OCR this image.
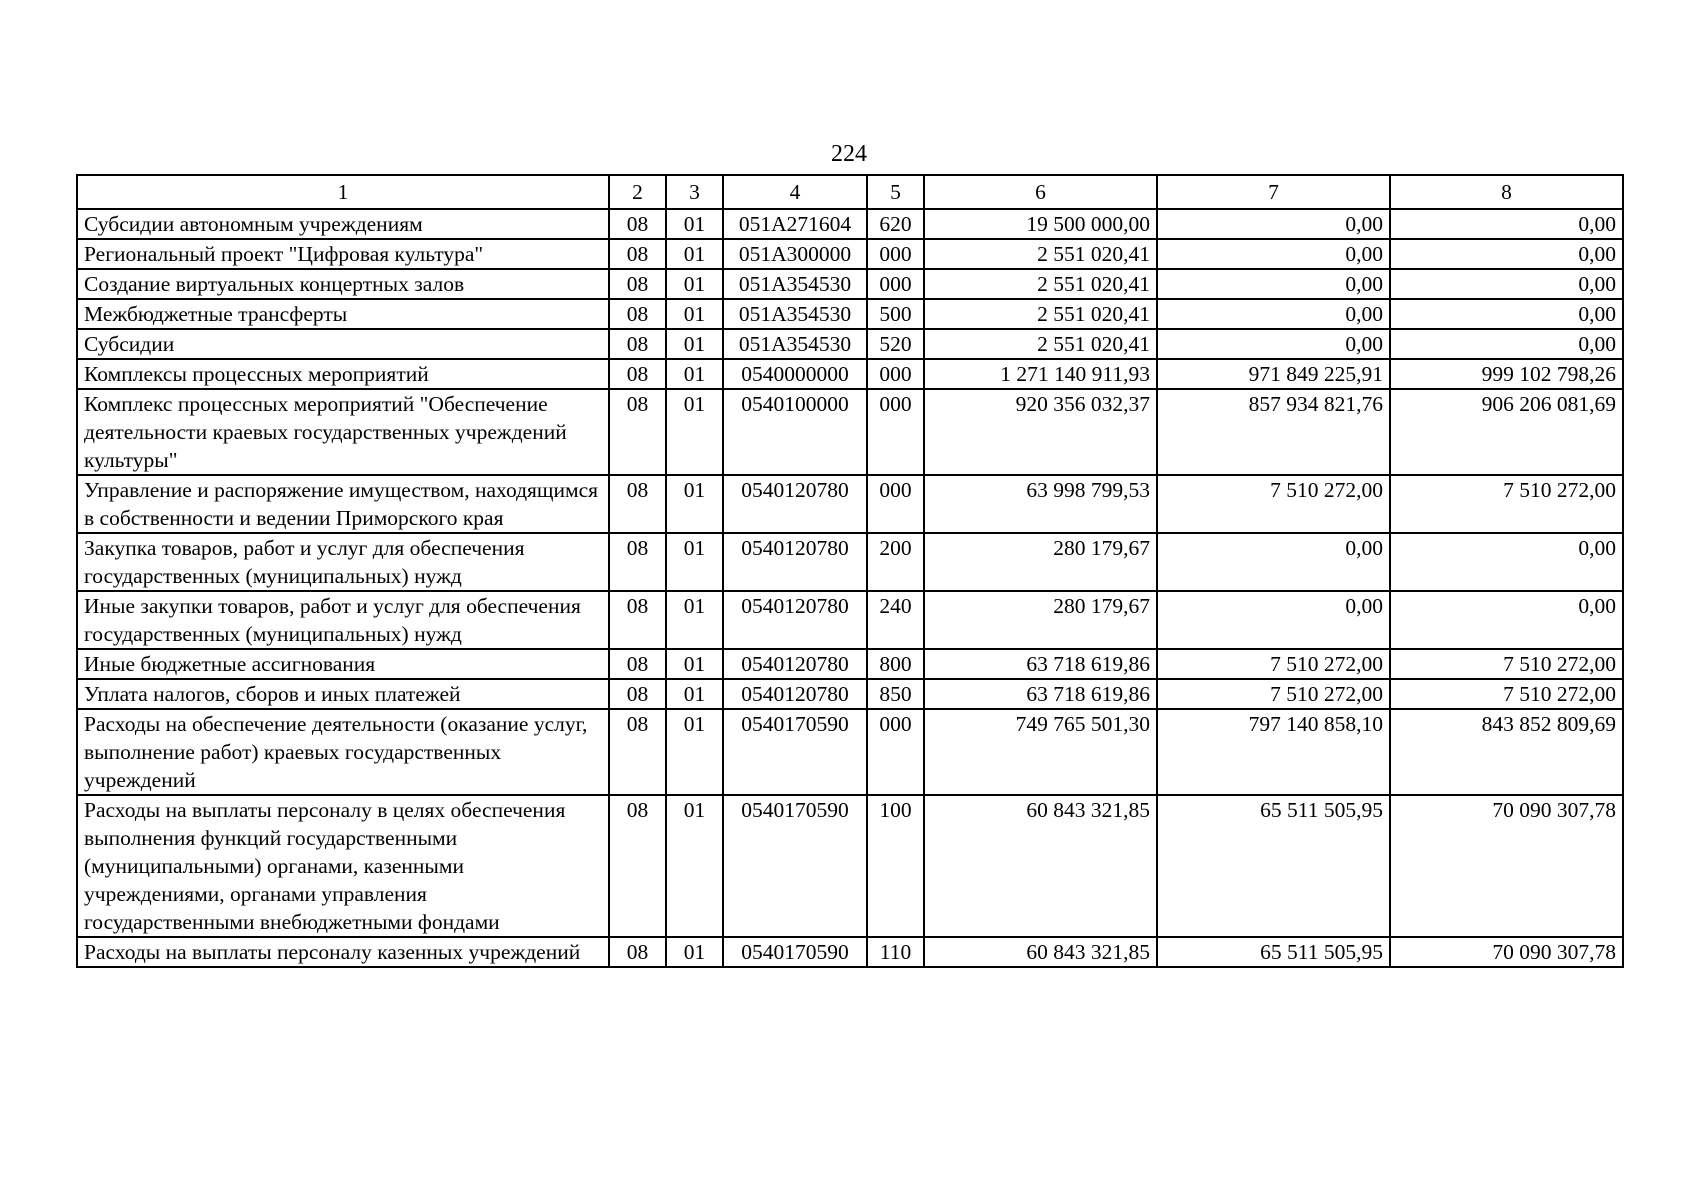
224
1	2	3	4	5	6	7	8
Субсидии автономным учреждениям	08	01	051A271604	620	19 500 000,00	0,00	0,00
Региональный проект "Цифровая культура"	08	01	051A300000	000	2 551 020,41	0,00	0,00
Создание виртуальных концертных залов	08	01	051A354530	000	2 551 020,41	0,00	0,00
Межбюджетные трансферты	08	01	051A354530	500	2 551 020,41	0,00	0,00
Субсидии	08	01	051A354530	520	2 551 020,41	0,00	0,00
Комплексы процессных мероприятий	08	01	0540000000	000	1 271 140 911,93	971 849 225,91	999 102 798,26
Комплекс процессных мероприятий "Обеспечение деятельности краевых государственных учреждений культуры"	08	01	0540100000	000	920 356 032,37	857 934 821,76	906 206 081,69
Управление и распоряжение имуществом, находящимся в собственности и ведении Приморского края	08	01	0540120780	000	63 998 799,53	7 510 272,00	7 510 272,00
Закупка товаров, работ и услуг для обеспечения государственных (муниципальных) нужд	08	01	0540120780	200	280 179,67	0,00	0,00
Иные закупки товаров, работ и услуг для обеспечения государственных (муниципальных) нужд	08	01	0540120780	240	280 179,67	0,00	0,00
Иные бюджетные ассигнования	08	01	0540120780	800	63 718 619,86	7 510 272,00	7 510 272,00
Уплата налогов, сборов и иных платежей	08	01	0540120780	850	63 718 619,86	7 510 272,00	7 510 272,00
Расходы на обеспечение деятельности (оказание услуг, выполнение работ) краевых государственных учреждений	08	01	0540170590	000	749 765 501,30	797 140 858,10	843 852 809,69
Расходы на выплаты персоналу в целях обеспечения выполнения функций государственными (муниципальными) органами, казенными учреждениями, органами управления государственными внебюджетными фондами	08	01	0540170590	100	60 843 321,85	65 511 505,95	70 090 307,78
Расходы на выплаты персоналу казенных учреждений	08	01	0540170590	110	60 843 321,85	65 511 505,95	70 090 307,78
